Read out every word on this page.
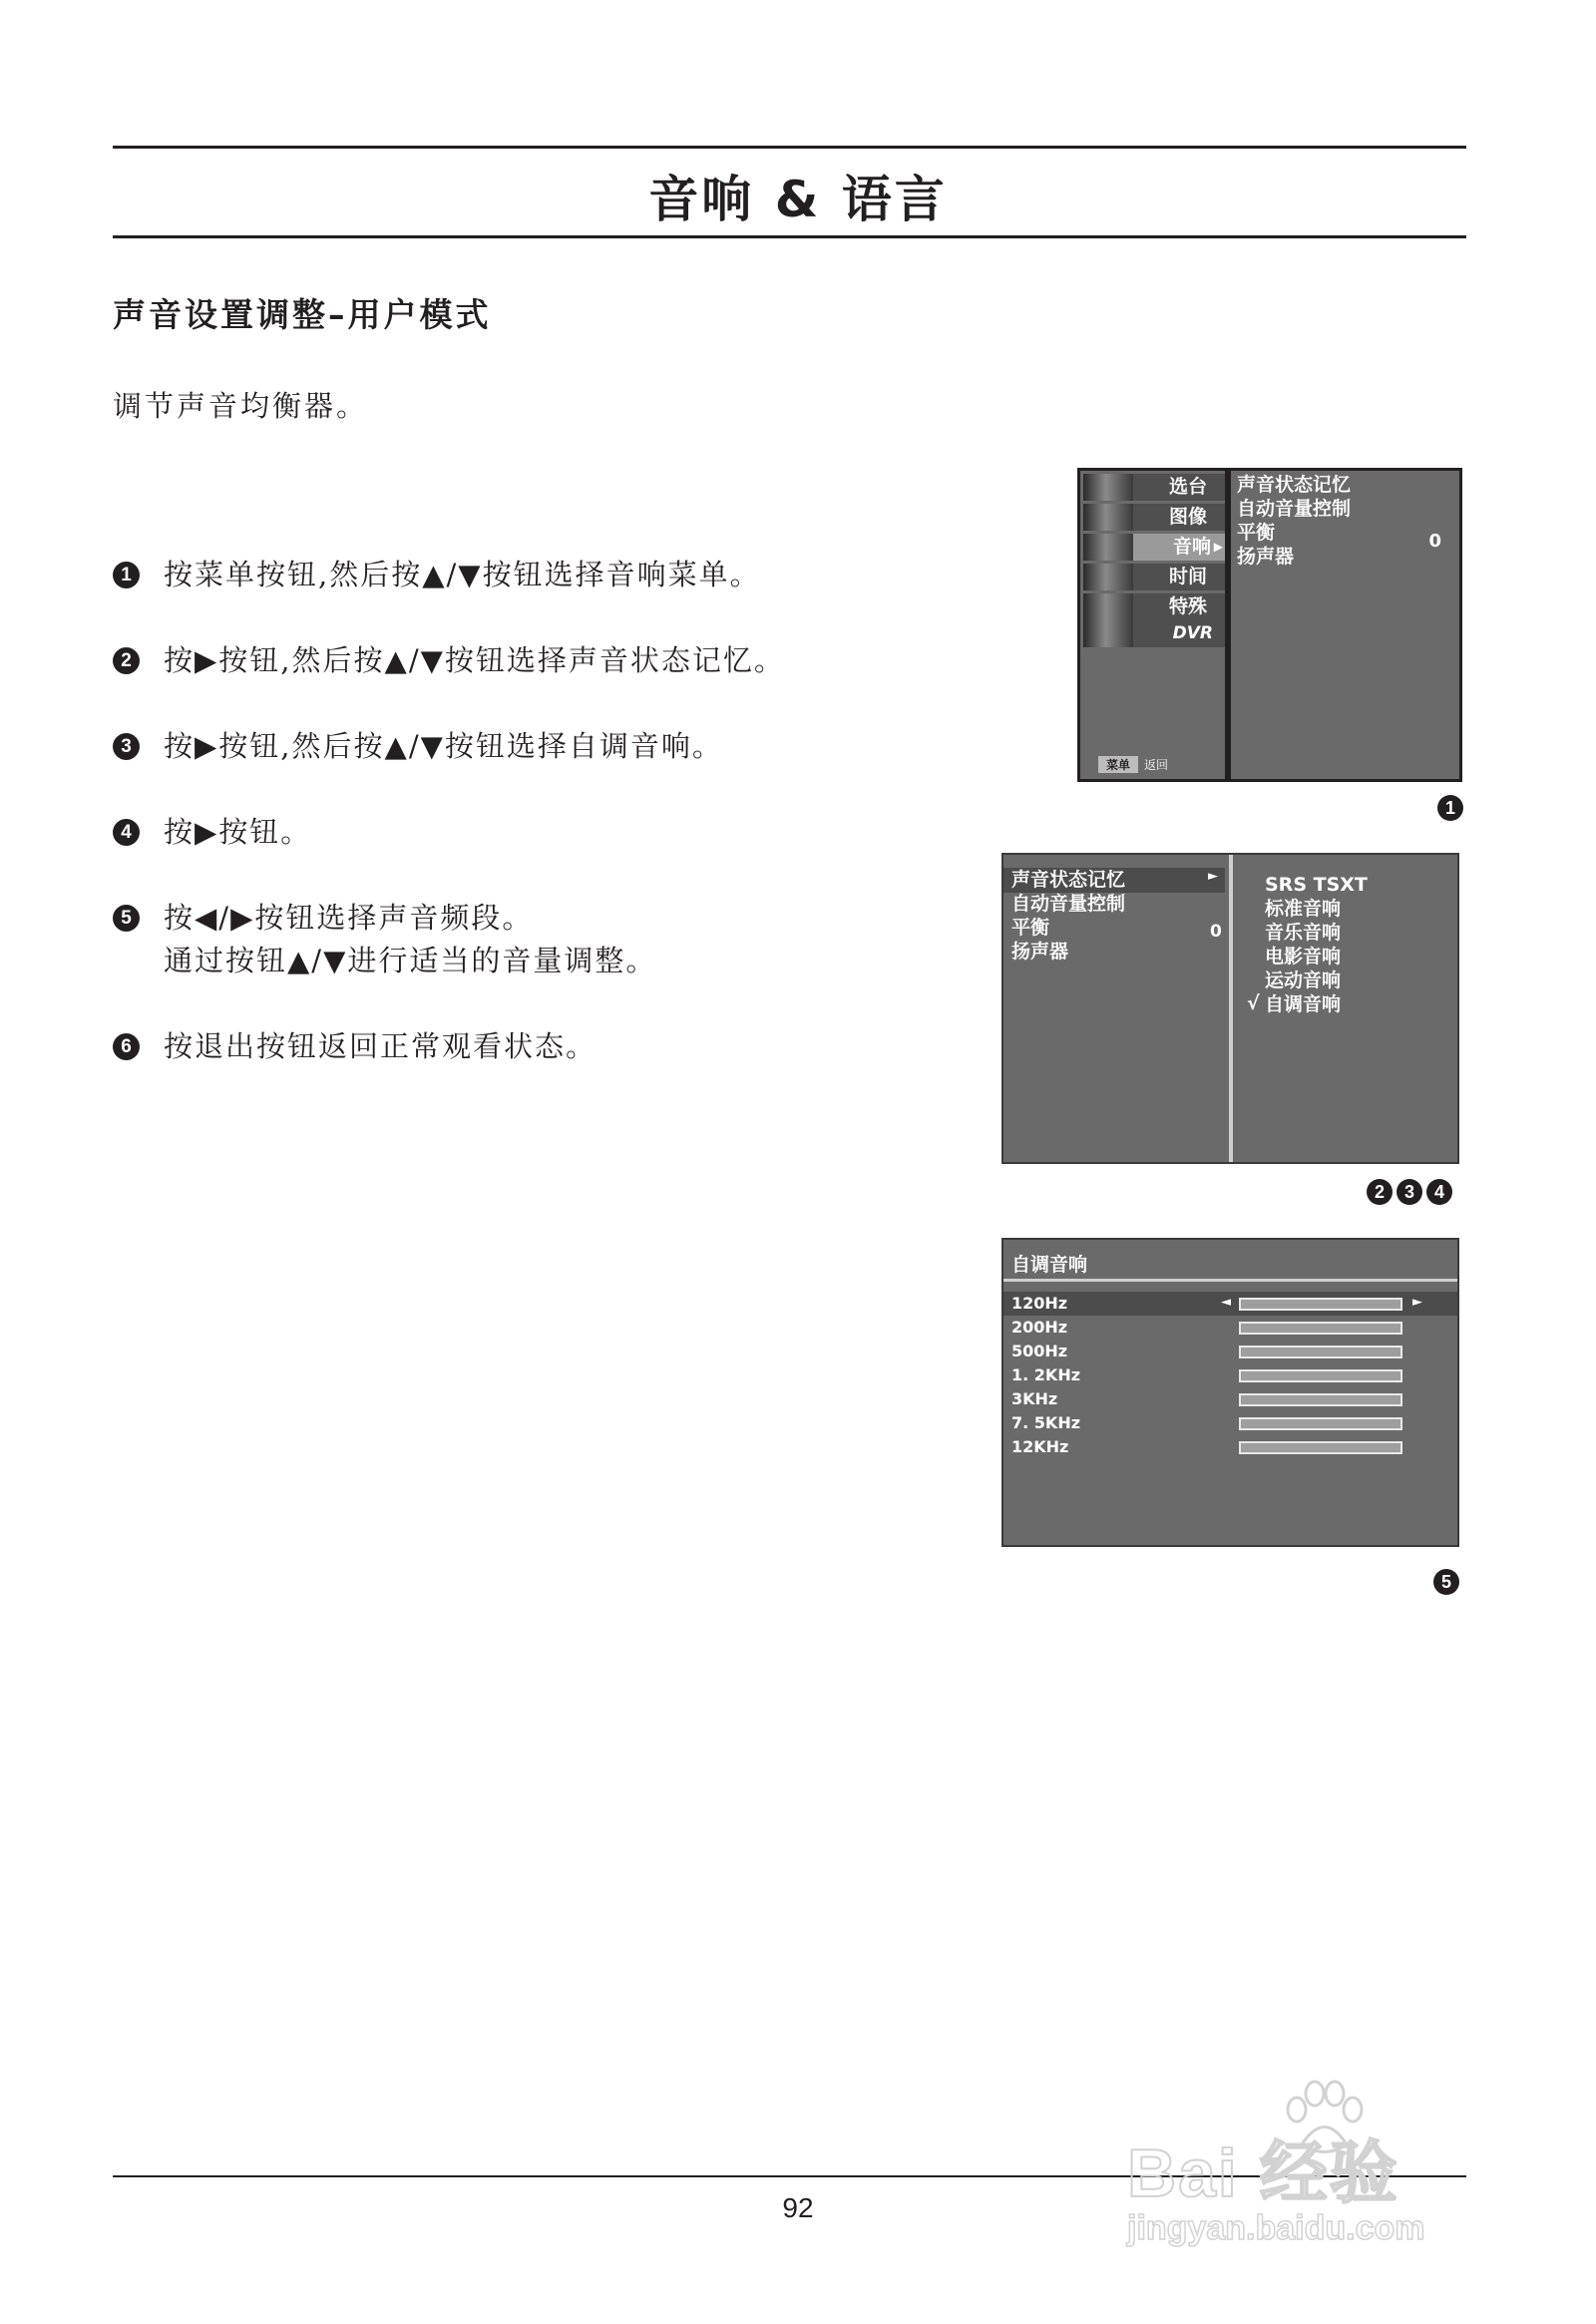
音响 & 语言
声音设置调整–用户模式
调节声音均衡器。
1 按菜单按钮,然后按▲/▼按钮选择音响菜单。
2 按▶按钮,然后按▲/▼按钮选择声音状态记忆。
3 按▶按钮,然后按▲/▼按钮选择自调音响。
4 按▶按钮。
5 按◀/▶按钮选择声音频段。
通过按钮▲/▼进行适当的音量调整。
6 按退出按钮返回正常观看状态。
选台
图像
音响 ▶
时间
特殊
DVR
菜单 返回
声音状态记忆
自动音量控制
平衡
扬声器
0
1
声音状态记忆
自动音量控制
平衡
扬声器
►
0
SRS TSXT
标准音响
音乐音响
电影音响
运动音响
自调音响
√
2	3	4
自调音响
120Hz
200Hz
500Hz
1. 2KHz
3KHz
7. 5KHz
12KHz
◄	►
5
92	Bai 经验
jingyan.baidu.com
